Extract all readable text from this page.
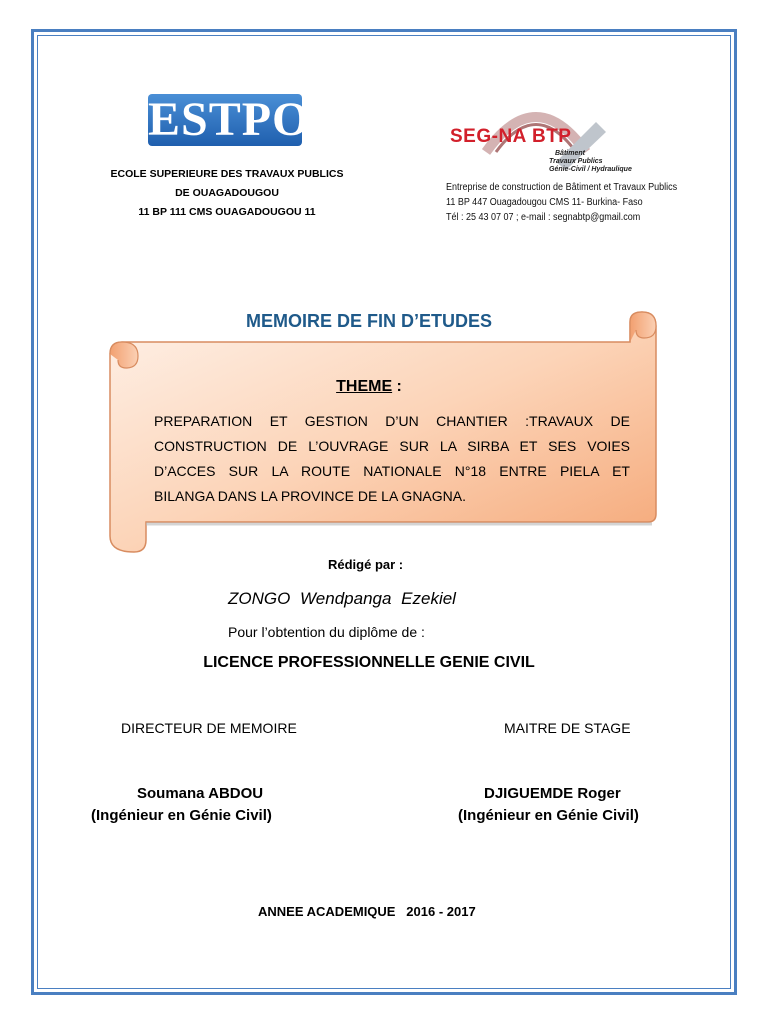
ESTPO
ECOLE SUPERIEURE DES TRAVAUX PUBLICS
DE OUAGADOUGOU
11 BP 111 CMS OUAGADOUGOU 11
SEG-NA BTP
Bâtiment
Travaux Publics
Génie-Civil / Hydraulique
Entreprise de construction de Bâtiment et Travaux Publics
11 BP 447 Ouagadougou CMS 11- Burkina- Faso
Tél : 25 43 07 07 ; e-mail : segnabtp@gmail.com
MEMOIRE DE FIN D’ETUDES
THEME :
PREPARATION ET GESTION D’UN CHANTIER :TRAVAUX DE
CONSTRUCTION DE L’OUVRAGE SUR LA SIRBA ET SES VOIES
D’ACCES SUR LA ROUTE NATIONALE N°18 ENTRE PIELA ET
BILANGA DANS LA PROVINCE DE LA GNAGNA.
Rédigé par :
ZONGO Wendpanga Ezekiel
Pour l’obtention du diplôme de :
LICENCE PROFESSIONNELLE GENIE CIVIL
DIRECTEUR DE MEMOIRE	MAITRE DE STAGE
Soumana ABDOU
(Ingénieur en Génie Civil)
DJIGUEMDE Roger
(Ingénieur en Génie Civil)
ANNEE ACADEMIQUE   2016 - 2017
